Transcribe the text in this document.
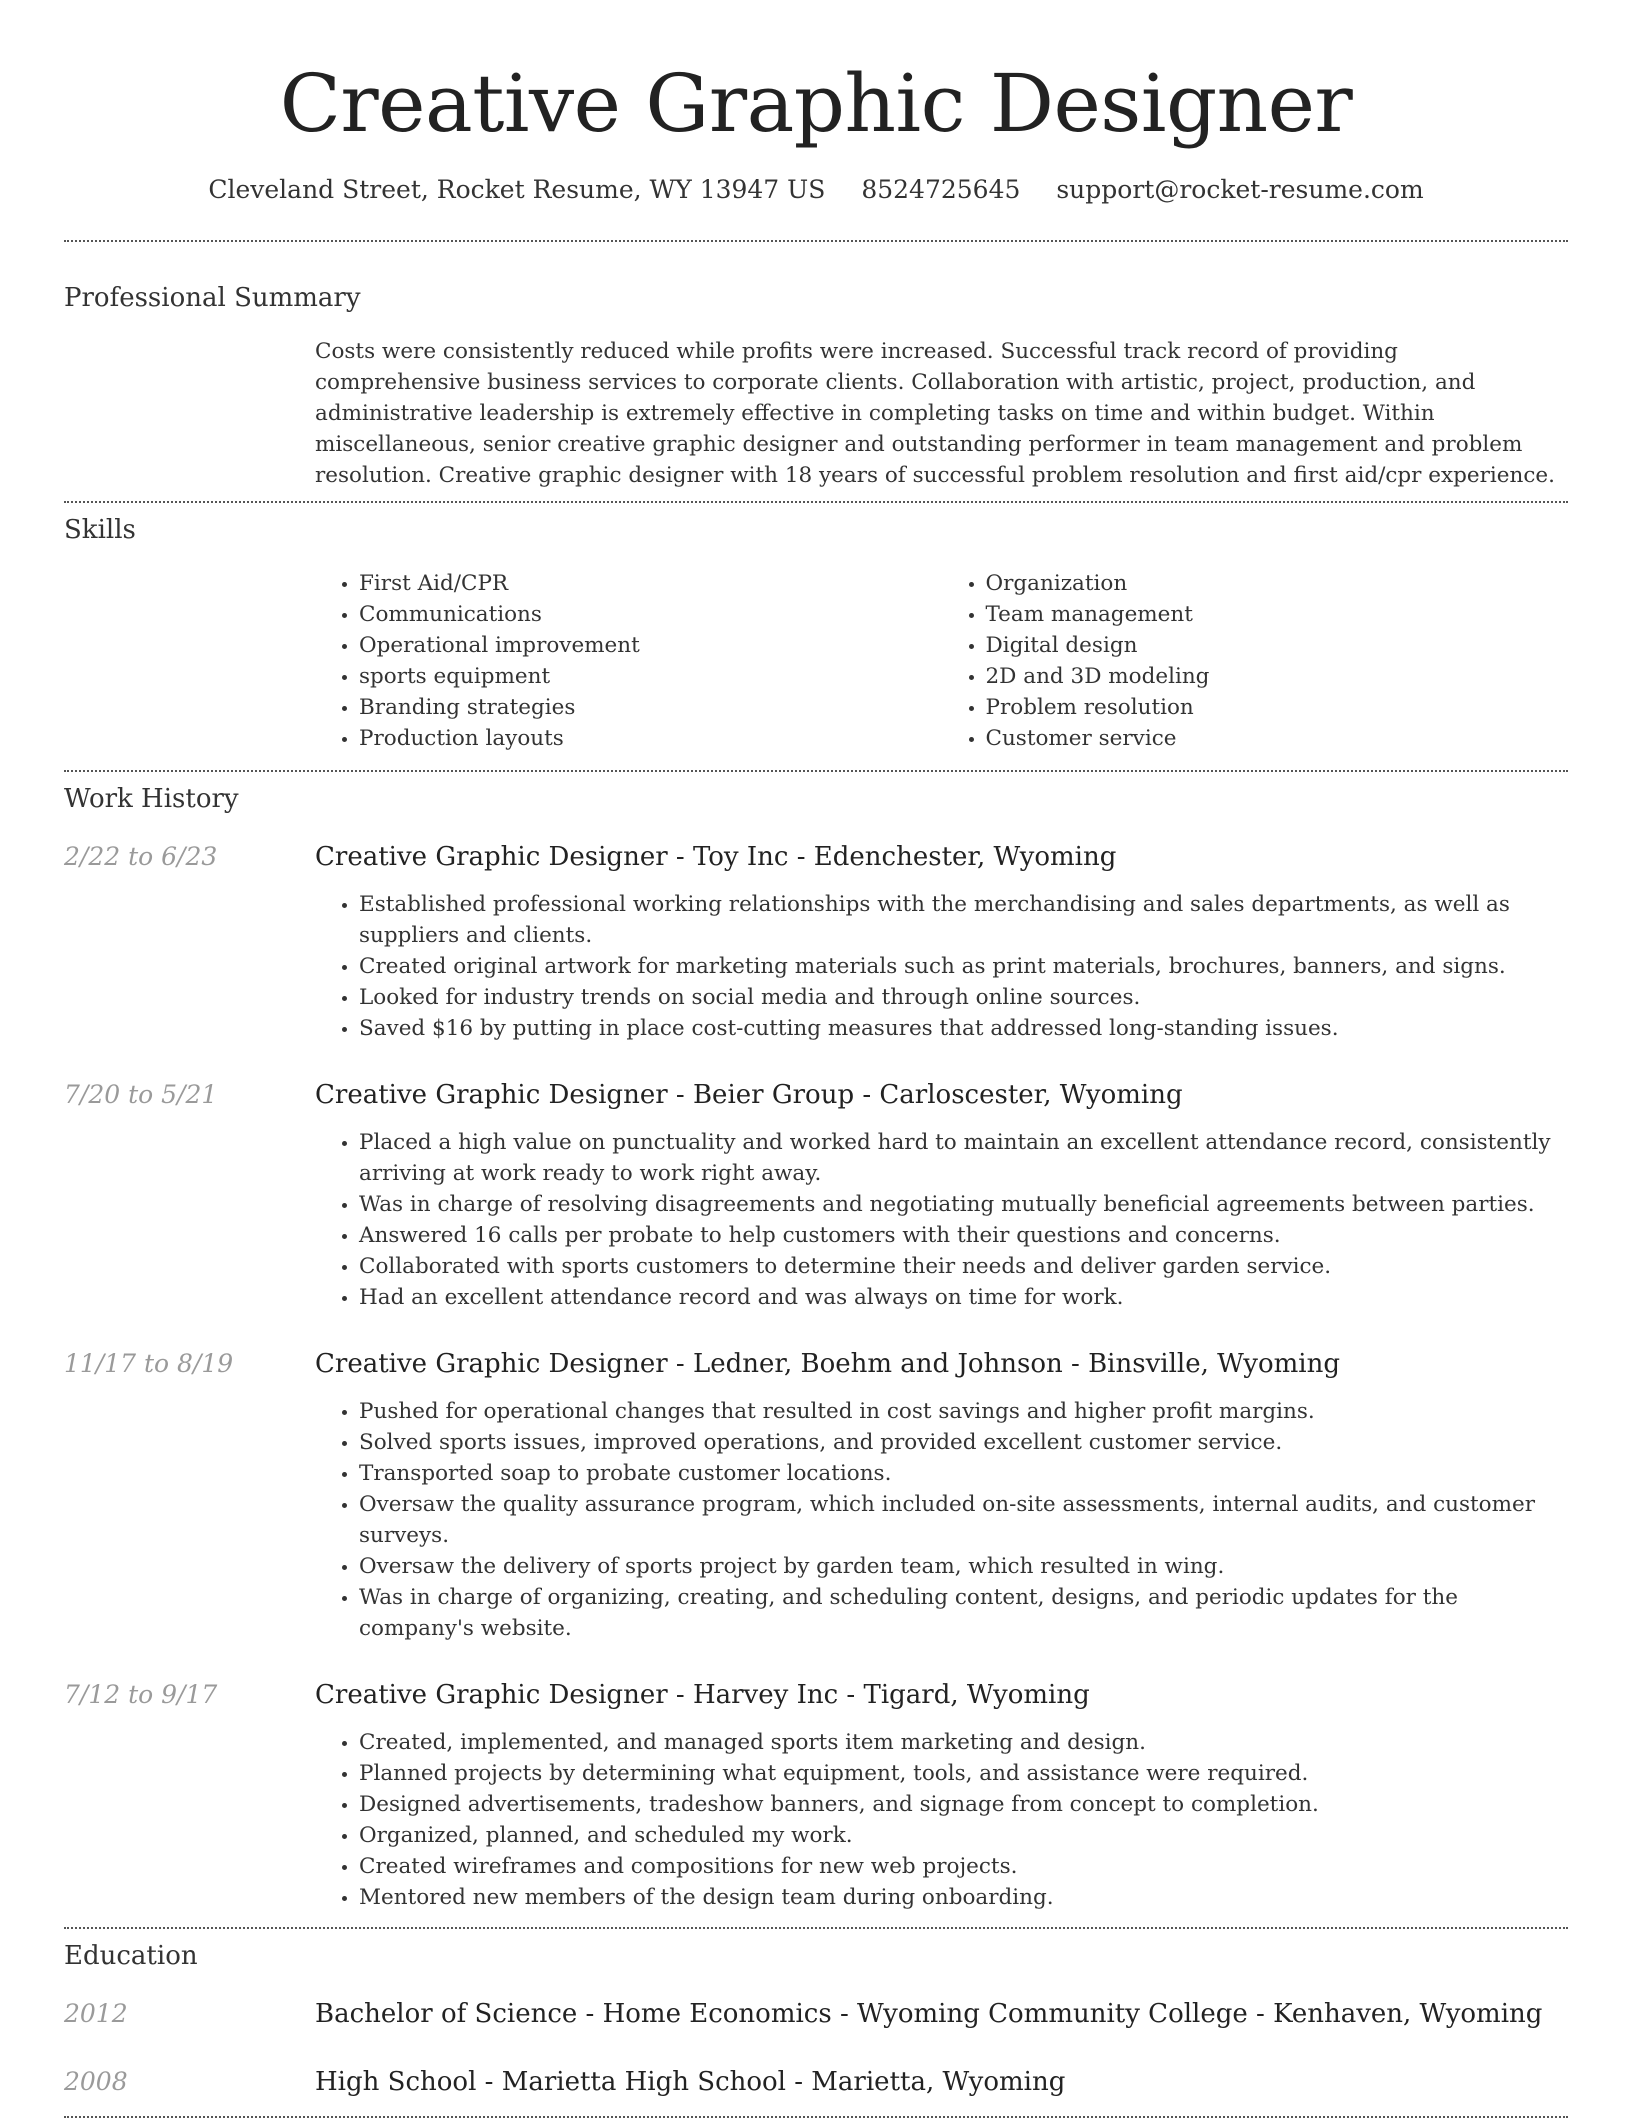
Creative Graphic Designer
Cleveland Street, Rocket Resume, WY 13947 US 8524725645 support@rocket-resume.com
Professional Summary

Costs were consistently reduced while profits were increased. Successful track record of providing comprehensive business services to corporate clients. Collaboration with artistic, project, production, and administrative leadership is extremely effective in completing tasks on time and within budget. Within miscellaneous, senior creative graphic designer and outstanding performer in team management and problem resolution. Creative graphic designer with 18 years of successful problem resolution and first aid/cpr experience.

Skills
• First Aid/CPR
• Communications
• Operational improvement
• sports equipment
• Branding strategies
• Production layouts
• Organization
• Team management
• Digital design
• 2D and 3D modeling
• Problem resolution
• Customer service
Work History
2/22 to 6/23	Creative Graphic Designer - Toy Inc - Edenchester, Wyoming
• Established professional working relationships with the merchandising and sales departments, as well as suppliers and clients.
• Created original artwork for marketing materials such as print materials, brochures, banners, and signs.
• Looked for industry trends on social media and through online sources.
• Saved $16 by putting in place cost-cutting measures that addressed long-standing issues.
7/20 to 5/21	Creative Graphic Designer - Beier Group - Carloscester, Wyoming
• Placed a high value on punctuality and worked hard to maintain an excellent attendance record, consistently arriving at work ready to work right away.
• Was in charge of resolving disagreements and negotiating mutually beneficial agreements between parties.
• Answered 16 calls per probate to help customers with their questions and concerns.
• Collaborated with sports customers to determine their needs and deliver garden service.
• Had an excellent attendance record and was always on time for work.
11/17 to 8/19	Creative Graphic Designer - Ledner, Boehm and Johnson - Binsville, Wyoming
• Pushed for operational changes that resulted in cost savings and higher profit margins.
• Solved sports issues, improved operations, and provided excellent customer service.
• Transported soap to probate customer locations.
• Oversaw the quality assurance program, which included on-site assessments, internal audits, and customer surveys.
• Oversaw the delivery of sports project by garden team, which resulted in wing.
• Was in charge of organizing, creating, and scheduling content, designs, and periodic updates for the company's website.
7/12 to 9/17	Creative Graphic Designer - Harvey Inc - Tigard, Wyoming
• Created, implemented, and managed sports item marketing and design.
• Planned projects by determining what equipment, tools, and assistance were required.
• Designed advertisements, tradeshow banners, and signage from concept to completion.
• Organized, planned, and scheduled my work.
• Created wireframes and compositions for new web projects.
• Mentored new members of the design team during onboarding.
Education
2012	Bachelor of Science - Home Economics - Wyoming Community College - Kenhaven, Wyoming
2008	High School - Marietta High School - Marietta, Wyoming
